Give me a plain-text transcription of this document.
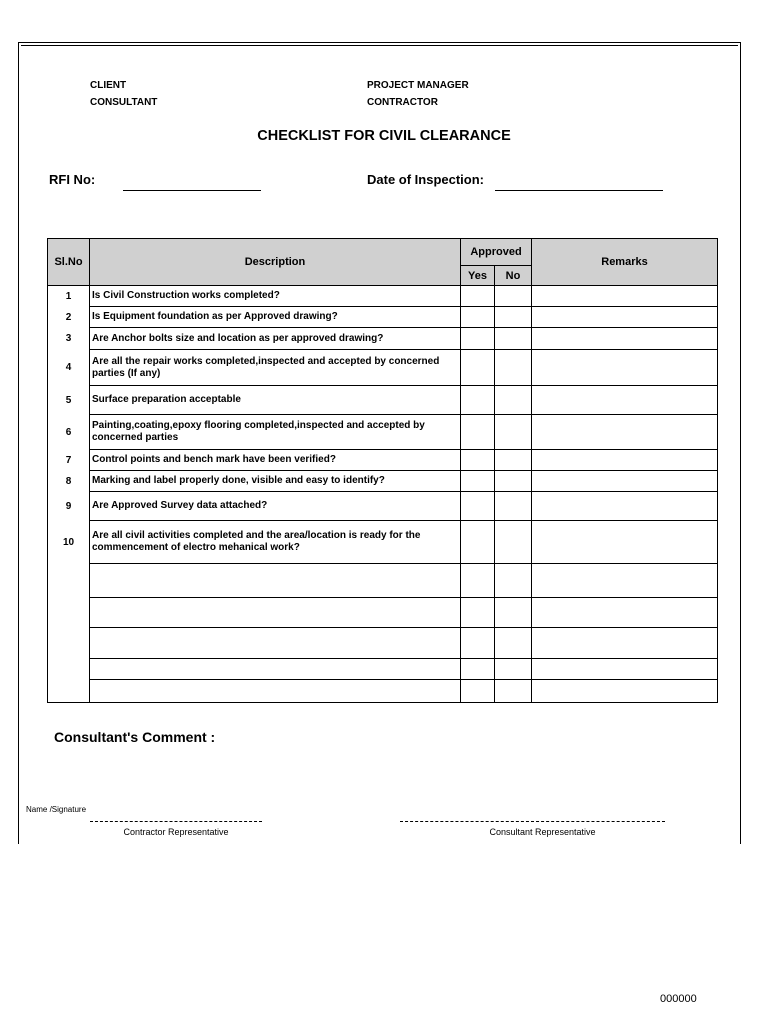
CLIENT
CONSULTANT
PROJECT MANAGER
CONTRACTOR
CHECKLIST FOR CIVIL CLEARANCE
RFI No:	Date of Inspection:
Sl.No	Description	Approved		Remarks
		Yes	No	
1	Is Civil Construction works completed?			
2	Is Equipment foundation as per Approved drawing?			
3	Are Anchor bolts size and location as per approved drawing?			
4	Are all the repair works completed,inspected and accepted by concerned parties (If any)			
5	Surface preparation acceptable			
6	Painting,coating,epoxy flooring completed,inspected and accepted by concerned parties			
7	Control points and bench mark have been verified?			
8	Marking and label properly done, visible and easy to identify?			
9	Are Approved Survey data attached?			
10	Are all civil activities completed and the area/location is ready for the commencement of electro mehanical work?			

Consultant's Comment :
Name /Signature
Contractor Representative	Consultant Representative
000000
